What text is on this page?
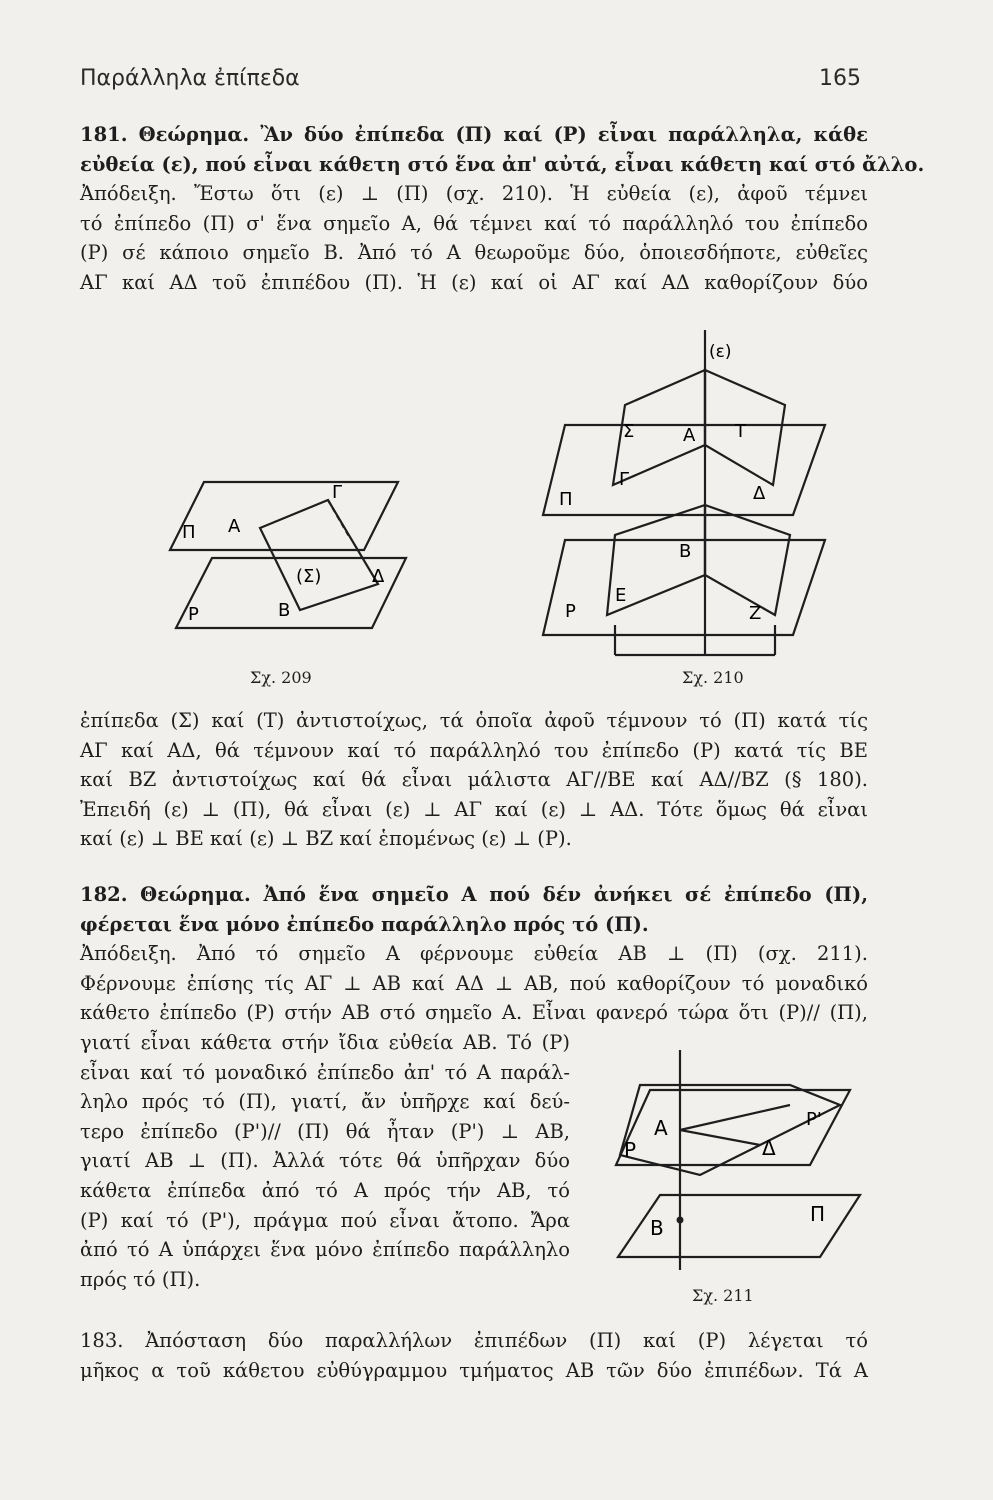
Παράλληλα ἐπίπεδα	165
181. Θεώρημα. Ἂν δύο ἐπίπεδα (Π) καί (Ρ) εἶναι παράλληλα, κάθε
εὐθεία (ε), πού εἶναι κάθετη στό ἕνα ἀπ' αὐτά, εἶναι κάθετη καί στό ἄλλο.
Ἀπόδειξη. Ἔστω ὅτι (ε) ⊥ (Π) (σχ. 210). Ἡ εὐθεία (ε), ἀφοῦ τέμνει
τό ἐπίπεδο (Π) σ' ἕνα σημεῖο Α, θά τέμνει καί τό παράλληλό του ἐπίπεδο
(Ρ) σέ κάποιο σημεῖο Β. Ἀπό τό Α θεωροῦμε δύο, ὁποιεσδήποτε, εὐθεῖες
ΑΓ καί ΑΔ τοῦ ἐπιπέδου (Π). Ἡ (ε) καί οἱ ΑΓ καί ΑΔ καθορίζουν δύο
Π Α
Γ
(Σ)	Δ
Ρ	Β
Σχ. 209
(ε)
Σ	Α Τ
Γ
Π	Δ
Β
Ε
Ρ	Ζ
Σχ. 210
ἐπίπεδα (Σ) καί (Τ) ἀντιστοίχως, τά ὁποῖα ἀφοῦ τέμνουν τό (Π) κατά τίς
ΑΓ καί ΑΔ, θά τέμνουν καί τό παράλληλό του ἐπίπεδο (Ρ) κατά τίς ΒΕ
καί ΒΖ ἀντιστοίχως καί θά εἶναι μάλιστα ΑΓ//ΒΕ καί ΑΔ//ΒΖ (§ 180).
Ἐπειδή (ε) ⊥ (Π), θά εἶναι (ε) ⊥ ΑΓ καί (ε) ⊥ ΑΔ. Τότε ὅμως θά εἶναι
καί (ε) ⊥ ΒΕ καί (ε) ⊥ ΒΖ καί ἑπομένως (ε) ⊥ (Ρ).
182. Θεώρημα. Ἀπό ἕνα σημεῖο Α πού δέν ἀνήκει σέ ἐπίπεδο (Π),
φέρεται ἕνα μόνο ἐπίπεδο παράλληλο πρός τό (Π).
Ἀπόδειξη. Ἀπό τό σημεῖο Α φέρνουμε εὐθεία ΑΒ ⊥ (Π) (σχ. 211).
Φέρνουμε ἐπίσης τίς ΑΓ ⊥ ΑΒ καί ΑΔ ⊥ ΑΒ, πού καθορίζουν τό μοναδικό
κάθετο ἐπίπεδο (Ρ) στήν ΑΒ στό σημεῖο Α. Εἶναι φανερό τώρα ὅτι (Ρ)// (Π),
γιατί εἶναι κάθετα στήν ἴδια εὐθεία ΑΒ. Τό (Ρ)
εἶναι καί τό μοναδικό ἐπίπεδο ἀπ' τό Α παράλ-
ληλο πρός τό (Π), γιατί, ἄν ὑπῆρχε καί δεύ-
τερο ἐπίπεδο (Ρ')// (Π) θά ἦταν (Ρ') ⊥ ΑΒ,
γιατί ΑΒ ⊥ (Π). Ἀλλά τότε θά ὑπῆρχαν δύο
κάθετα ἐπίπεδα ἀπό τό Α πρός τήν ΑΒ, τό
(Ρ) καί τό (Ρ'), πράγμα πού εἶναι ἄτοπο. Ἄρα
ἀπό τό Α ὑπάρχει ἕνα μόνο ἐπίπεδο παράλληλο
πρός τό (Π).
Α	Ρ'
Ρ	Δ
Π
Β
Σχ. 211
183. Ἀπόσταση δύο παραλλήλων ἐπιπέδων (Π) καί (Ρ) λέγεται τό
μῆκος α τοῦ κάθετου εὐθύγραμμου τμήματος ΑΒ τῶν δύο ἐπιπέδων. Τά Α
